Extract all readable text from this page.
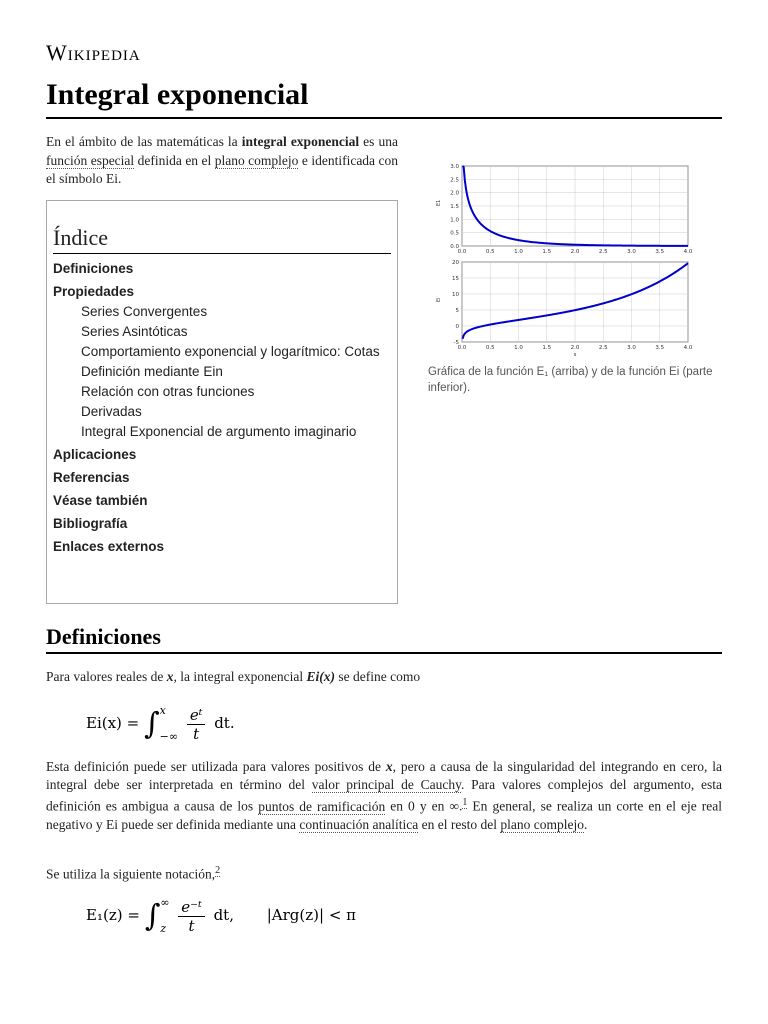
Wikipedia
Integral exponencial

En el ámbito de las matemáticas la integral exponencial es una función especial definida en el plano complejo e identificada con el símbolo Ei.

Índice
Definiciones
Propiedades
Series Convergentes
Series Asintóticas
Comportamiento exponencial y logarítmico: Cotas
Definición mediante Ein
Relación con otras funciones
Derivadas
Integral Exponencial de argumento imaginario
Aplicaciones
Referencias
Véase también
Bibliografía
Enlaces externos
3.0
2.5
2.0
1.5
1.0
0.5
0.0
0.0	0.5	1.0	1.5	2.0	2.5	3.0	3.5	4.0
E1
20
15
10
5
0
-5
0.0	0.5	1.0	1.5	2.0	2.5	3.0	3.5	4.0
Ei
x
Gráfica de la función E₁ (arriba) y de la función Ei (parte inferior).
Definiciones

Para valores reales de x, la integral exponencial Ei(x) se define como

Ei(x) = ∫ x
−∞
$\frac{\text{eᵗ}}{t}$ dt.

Esta definición puede ser utilizada para valores positivos de x, pero a causa de la singularidad del integrando en cero, la integral debe ser interpretada en término del valor principal de Cauchy. Para valores complejos del argumento, esta definición es ambigua a causa de los puntos de ramificación en 0 y en ∞.$^1$ En general, se realiza un corte en el eje real negativo y Ei puede ser definida mediante una continuación analítica en el resto del plano complejo.

Se utiliza la siguiente notación,$^2$

E₁(z) = ∫ ∞
z
$\frac{\text{e⁻ᵗ}}{t}$ dt, |Arg(z)| < π
